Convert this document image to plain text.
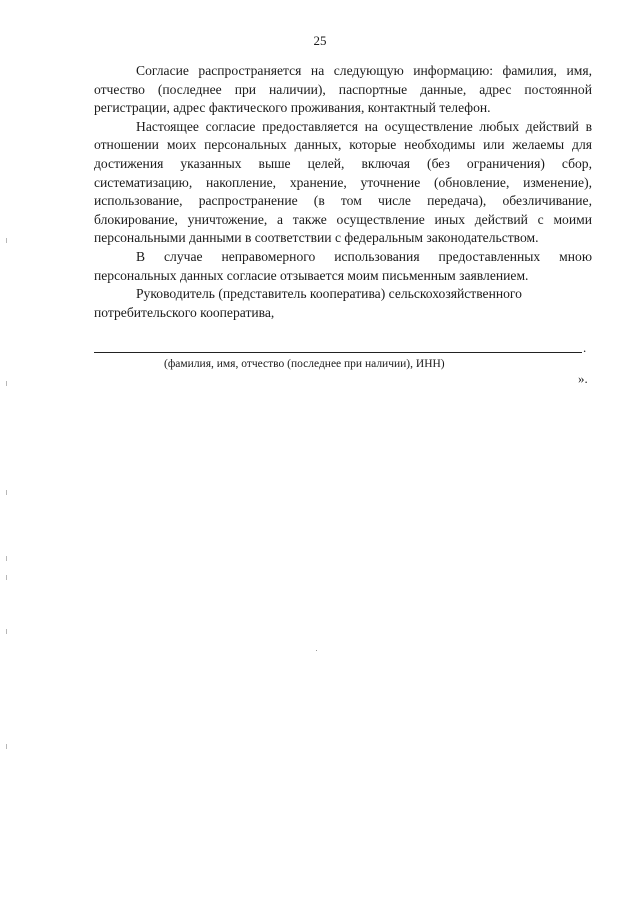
25

Согласие распространяется на следующую информацию: фамилия, имя, отчество (последнее при наличии), паспортные данные, адрес постоянной регистрации, адрес фактического проживания, контактный телефон.

Настоящее согласие предоставляется на осуществление любых действий в отношении моих персональных данных, которые необходимы или желаемы для достижения указанных выше целей, включая (без ограничения) сбор, систематизацию, накопление, хранение, уточнение (обновление, изменение), использование, распространение (в том числе передача), обезличивание, блокирование, уничтожение, а также осуществление иных действий с моими персональными данными в соответствии с федеральным законодательством.

В случае неправомерного использования предоставленных мною персональных данных согласие отзывается моим письменным заявлением.

Руководитель (представитель кооператива) сельскохозяйственного потребительского кооператива,

.
(фамилия, имя, отчество (последнее при наличии), ИНН)
».
